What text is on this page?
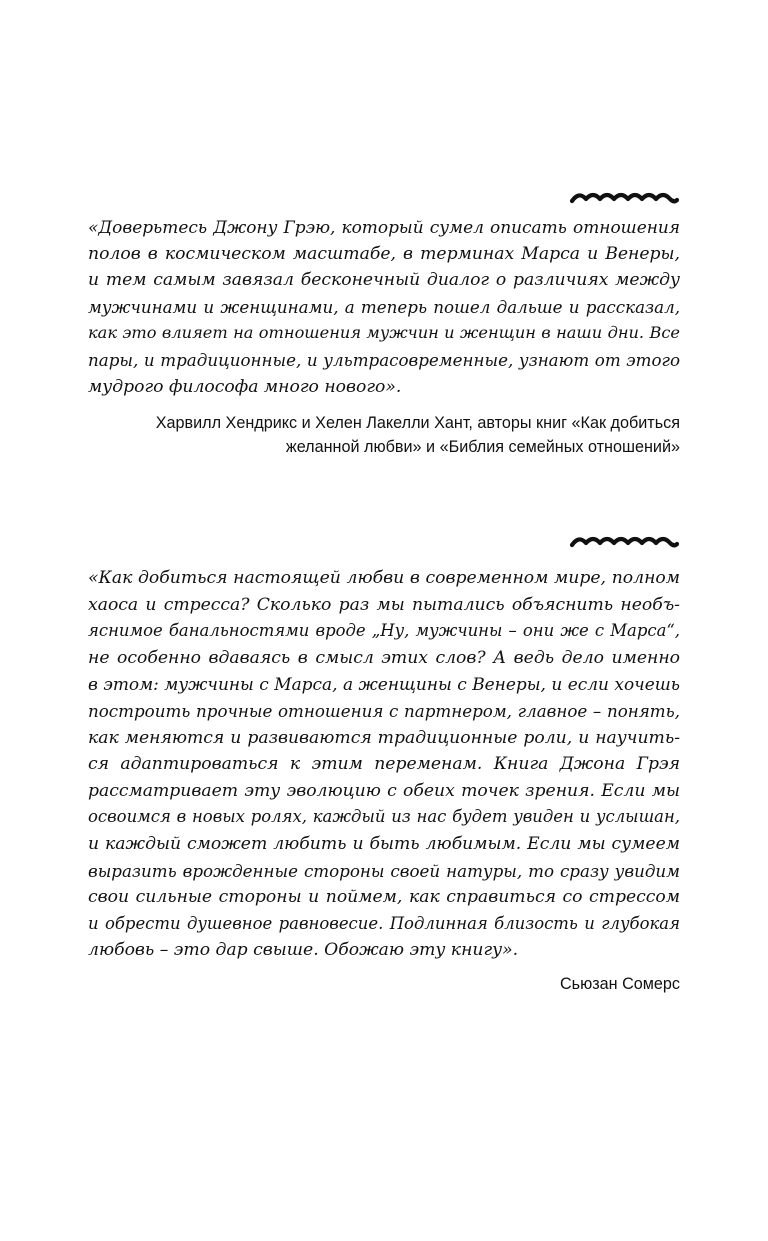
«Доверьтесь Джону Грэю, который сумел описать отношения
полов в космическом масштабе, в терминах Марса и Венеры,
и тем самым завязал бесконечный диалог о различиях между
мужчинами и женщинами, а теперь пошел дальше и рассказал,
как это влияет на отношения мужчин и женщин в наши дни. Все
пары, и традиционные, и ультрасовременные, узнают от этого
мудрого философа много нового».
Харвилл Хендрикс и Хелен Лакелли Хант, авторы книг «Как добиться
желанной любви» и «Библия семейных отношений»
«Как добиться настоящей любви в современном мире, полном
хаоса и стресса? Сколько раз мы пытались объяснить необъ-
яснимое банальностями вроде „Ну, мужчины – они же с Марса“,
не особенно вдаваясь в смысл этих слов? А ведь дело именно
в этом: мужчины с Марса, а женщины с Венеры, и если хочешь
построить прочные отношения с партнером, главное – понять,
как меняются и развиваются традиционные роли, и научить-
ся адаптироваться к этим переменам. Книга Джона Грэя
рассматривает эту эволюцию с обеих точек зрения. Если мы
освоимся в новых ролях, каждый из нас будет увиден и услышан,
и каждый сможет любить и быть любимым. Если мы сумеем
выразить врожденные стороны своей натуры, то сразу увидим
свои сильные стороны и поймем, как справиться со стрессом
и обрести душевное равновесие. Подлинная близость и глубокая
любовь – это дар свыше. Обожаю эту книгу».
Сьюзан Сомерс
